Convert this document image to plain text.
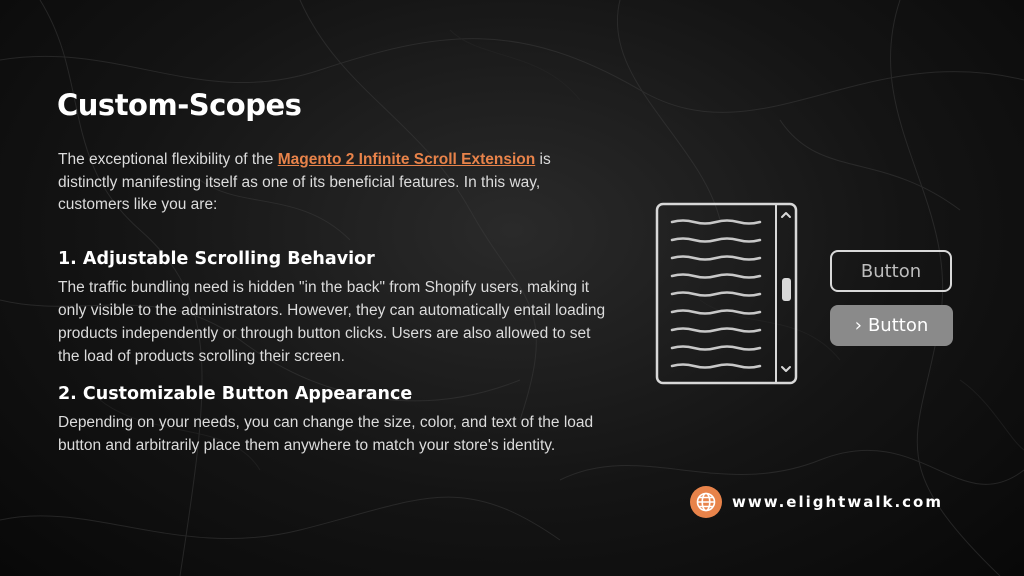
Custom-Scopes

The exceptional flexibility of the Magento 2 Infinite Scroll Extension is distinctly manifesting itself as one of its beneficial features. In this way, customers like you are:

1. Adjustable Scrolling Behavior

The traffic bundling need is hidden "in the back" from Shopify users, making it only visible to the administrators. However, they can automatically entail loading products independently or through button clicks. Users are also allowed to set the load of products scrolling their screen.

2. Customizable Button Appearance

Depending on your needs, you can change the size, color, and text of the load button and arbitrarily place them anywhere to match your store's identity.

Button
› Button
www.elightwalk.com
